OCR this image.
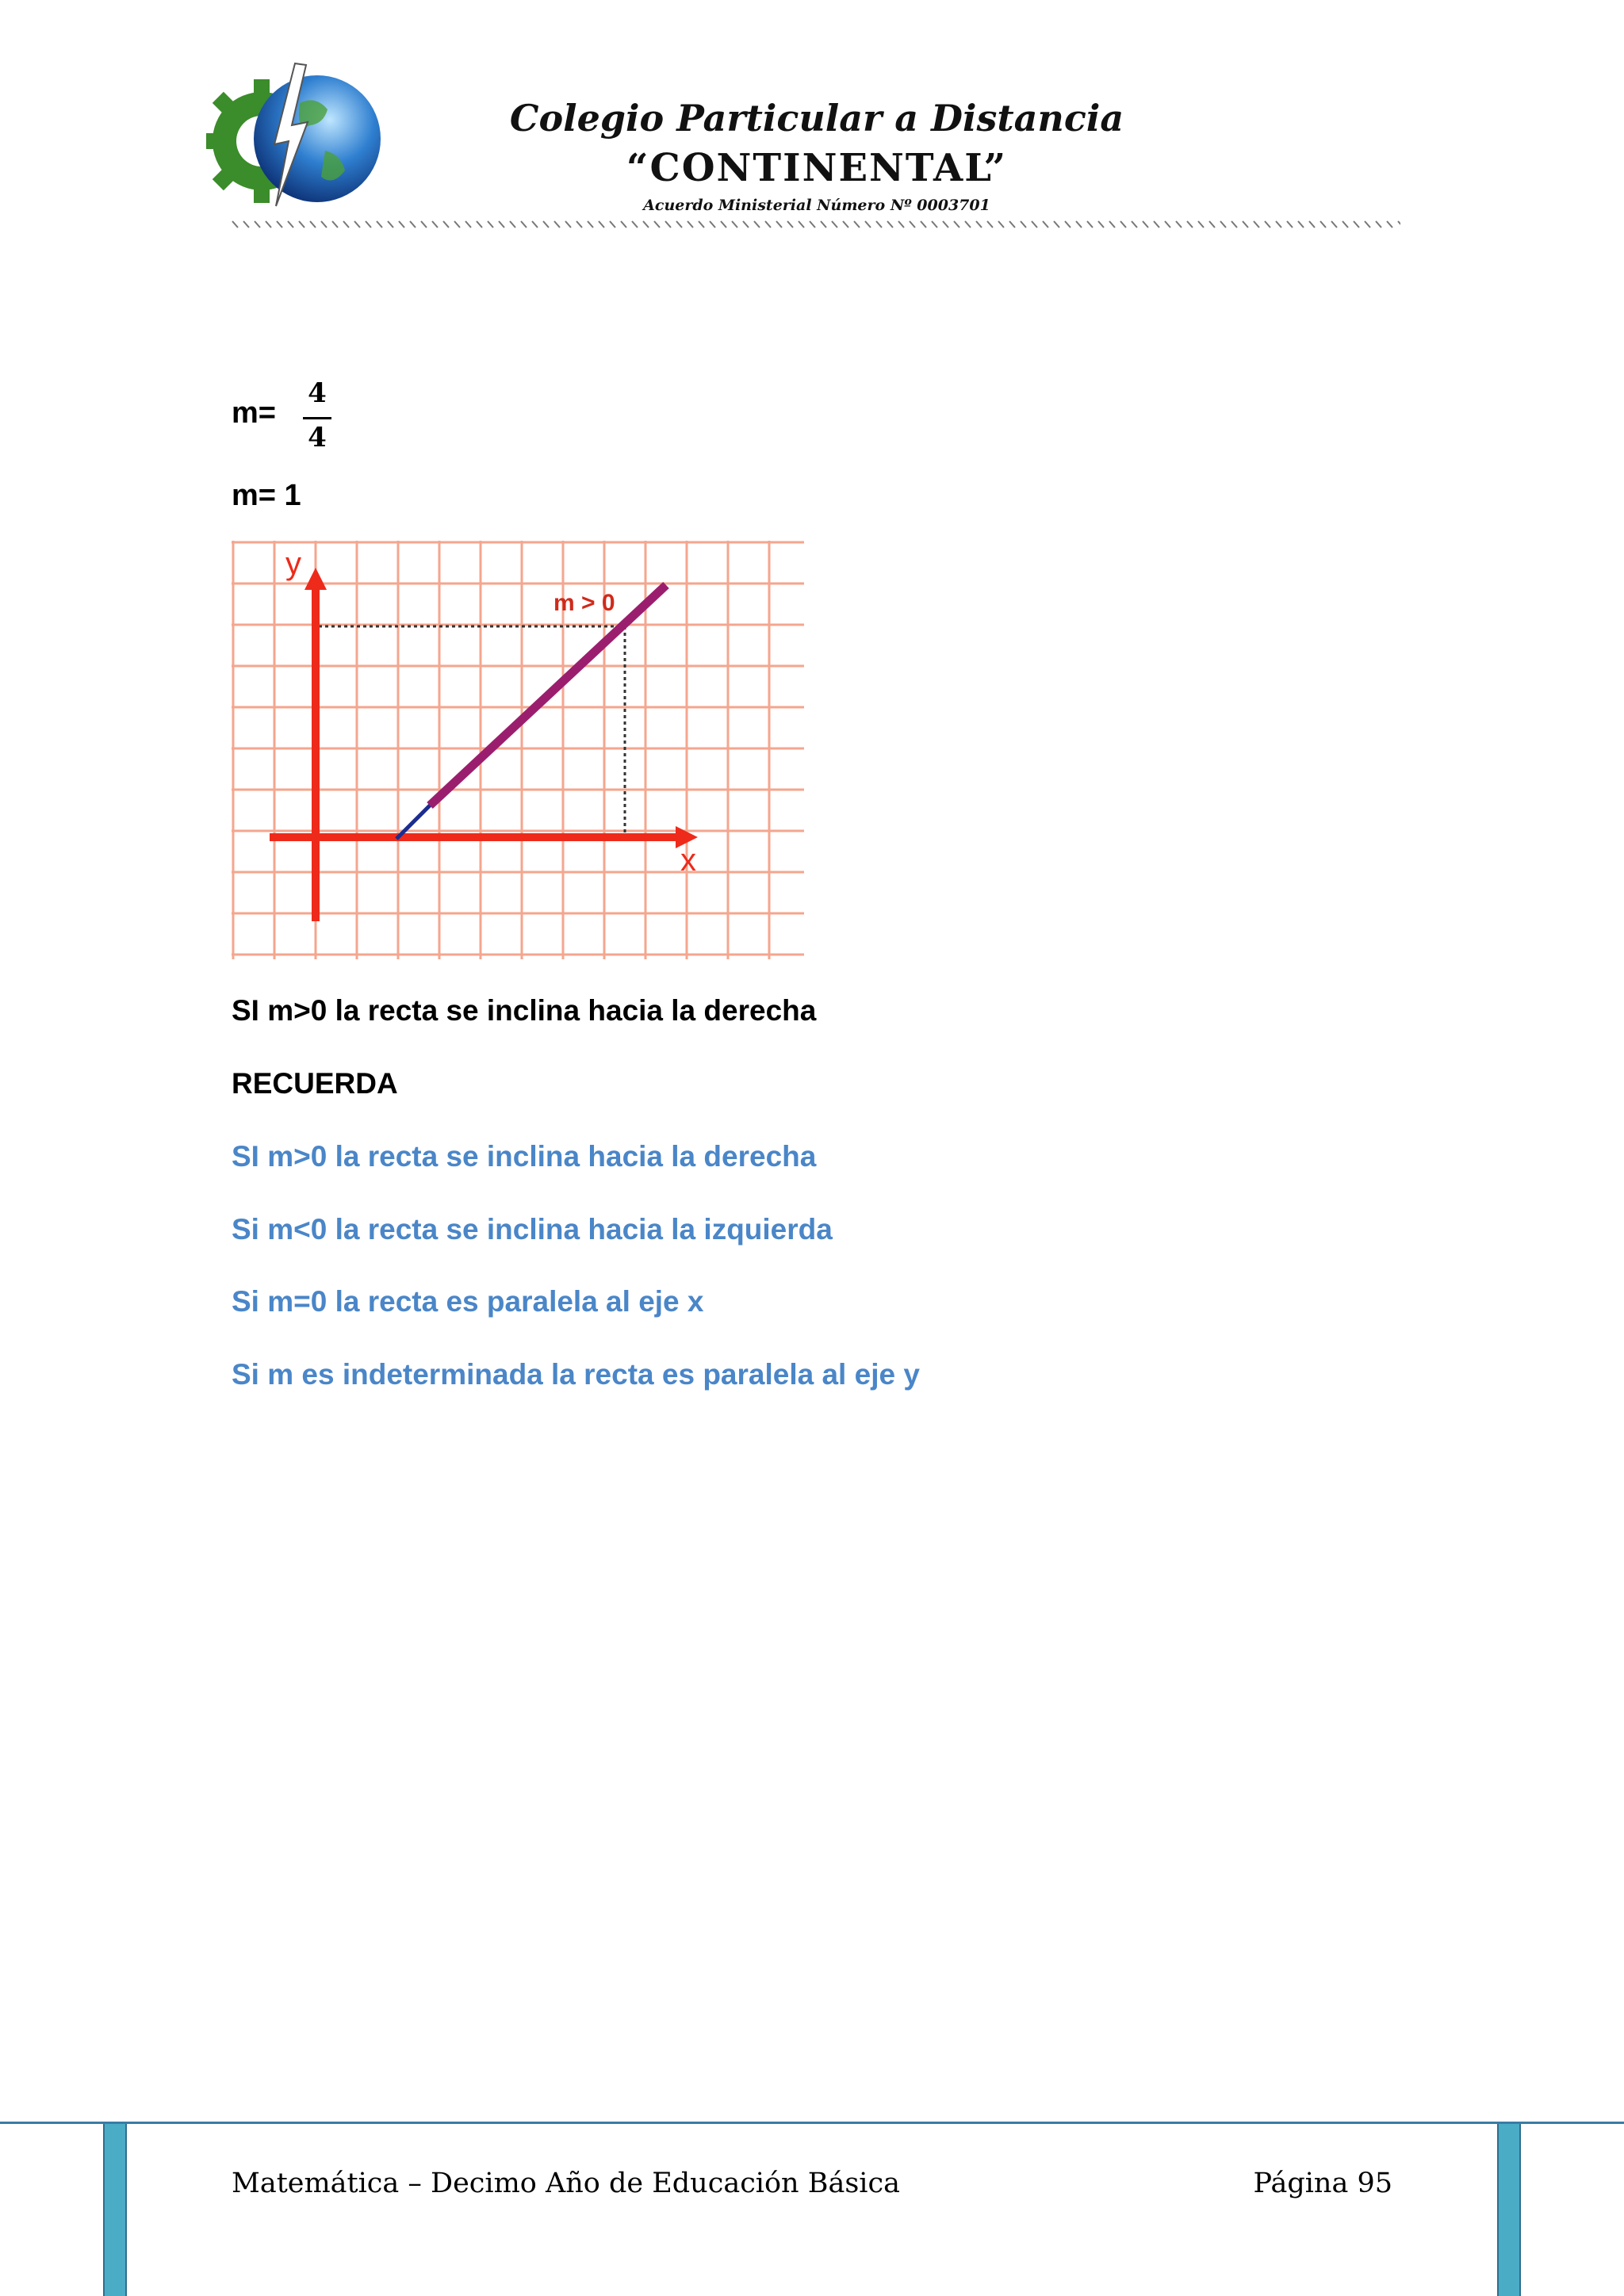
Colegio Particular a Distancia
“CONTINENTAL”
Acuerdo Ministerial Número Nº 0003701
m=
4
4
m= 1
y
x
m > 0
SI m>0 la recta se inclina hacia la derecha
RECUERDA
SI m>0 la recta se inclina hacia la derecha
Si m<0 la recta se inclina hacia la izquierda
Si m=0 la recta es paralela al eje x
Si m es indeterminada la recta es paralela al eje y
Matemática – Decimo Año de Educación Básica	Página 95
